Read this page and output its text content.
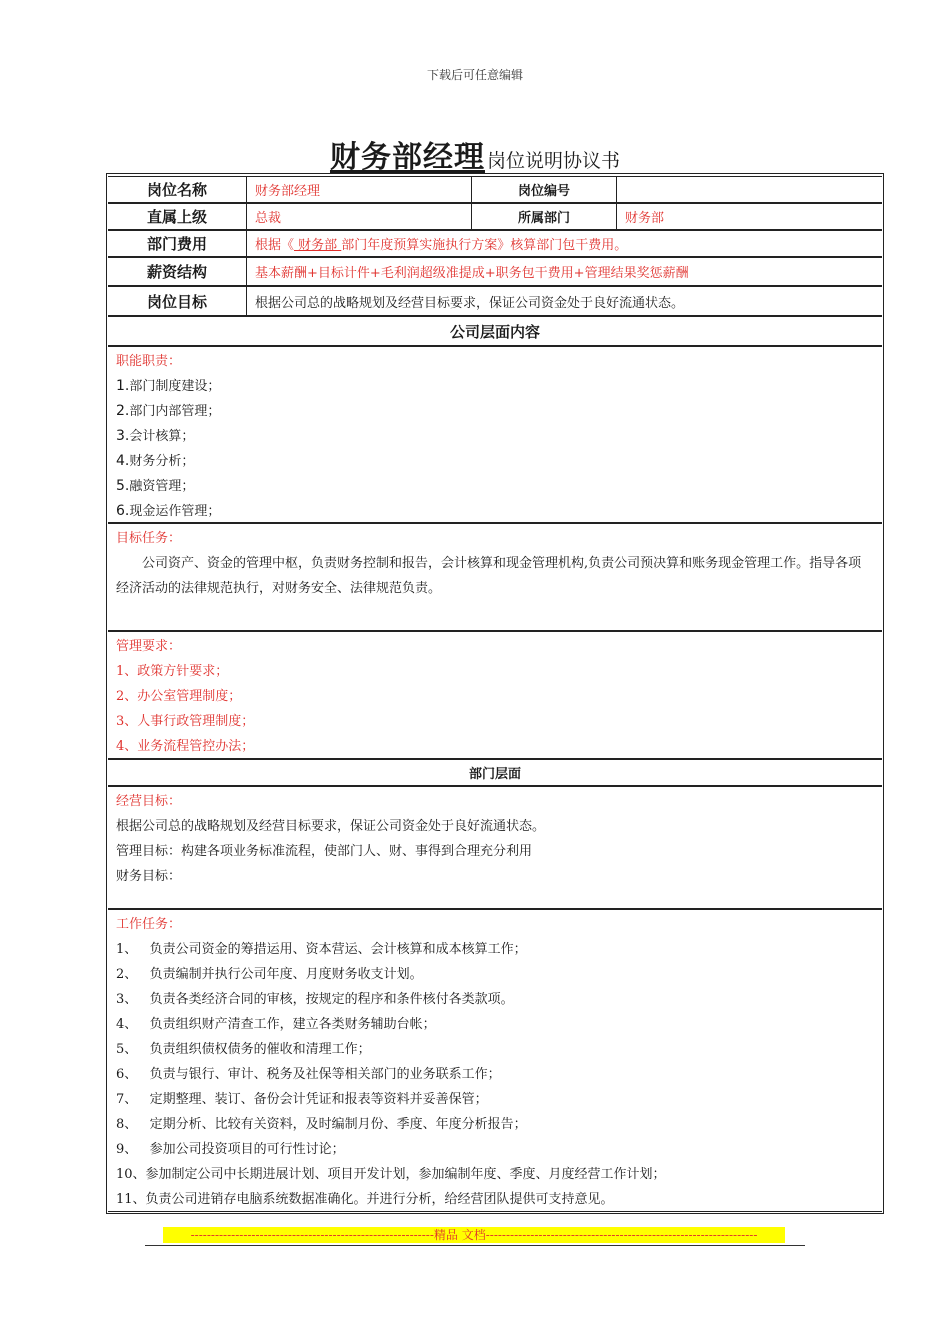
下载后可任意编辑
财务部经理 岗位说明协议书
岗位名称	财务部经理	岗位编号
直属上级	总裁	所属部门	财务部
部门费用	根据《 财务部 部门年度预算实施执行方案》核算部门包干费用。
薪资结构	基本薪酬+目标计件+毛利润超级准提成+职务包干费用+管理结果奖惩薪酬
岗位目标	根据公司总的战略规划及经营目标要求，保证公司资金处于良好流通状态。
公司层面内容
职能职责：
1.部门制度建设；
2.部门内部管理；
3.会计核算；
4.财务分析；
5.融资管理；
6.现金运作管理；
目标任务：
公司资产、资金的管理中枢，负责财务控制和报告，会计核算和现金管理机构,负责公司预决算和账务现金管理工作。指导各项经济活动的法律规范执行，对财务安全、法律规范负责。
管理要求：
1、政策方针要求；
2、办公室管理制度；
3、人事行政管理制度；
4、业务流程管控办法；
部门层面
经营目标：
根据公司总的战略规划及经营目标要求，保证公司资金处于良好流通状态。
管理目标：构建各项业务标准流程，使部门人、财、事得到合理充分利用
财务目标：
工作任务：
1、   负责公司资金的筹措运用、资本营运、会计核算和成本核算工作；
2、   负责编制并执行公司年度、月度财务收支计划。
3、   负责各类经济合同的审核，按规定的程序和条件核付各类款项。
4、   负责组织财产清查工作，建立各类财务辅助台帐；
5、   负责组织债权债务的催收和清理工作；
6、   负责与银行、审计、税务及社保等相关部门的业务联系工作；
7、   定期整理、装订、备份会计凭证和报表等资料并妥善保管；
8、   定期分析、比较有关资料，及时编制月份、季度、年度分析报告；
9、   参加公司投资项目的可行性讨论；
10、参加制定公司中长期进展计划、项目开发计划，参加编制年度、季度、月度经营工作计划；
11、负责公司进销存电脑系统数据准确化。并进行分析，给经营团队提供可支持意见。
------------------------------------------------------------精品 文档-------------------------------------------------------------------
